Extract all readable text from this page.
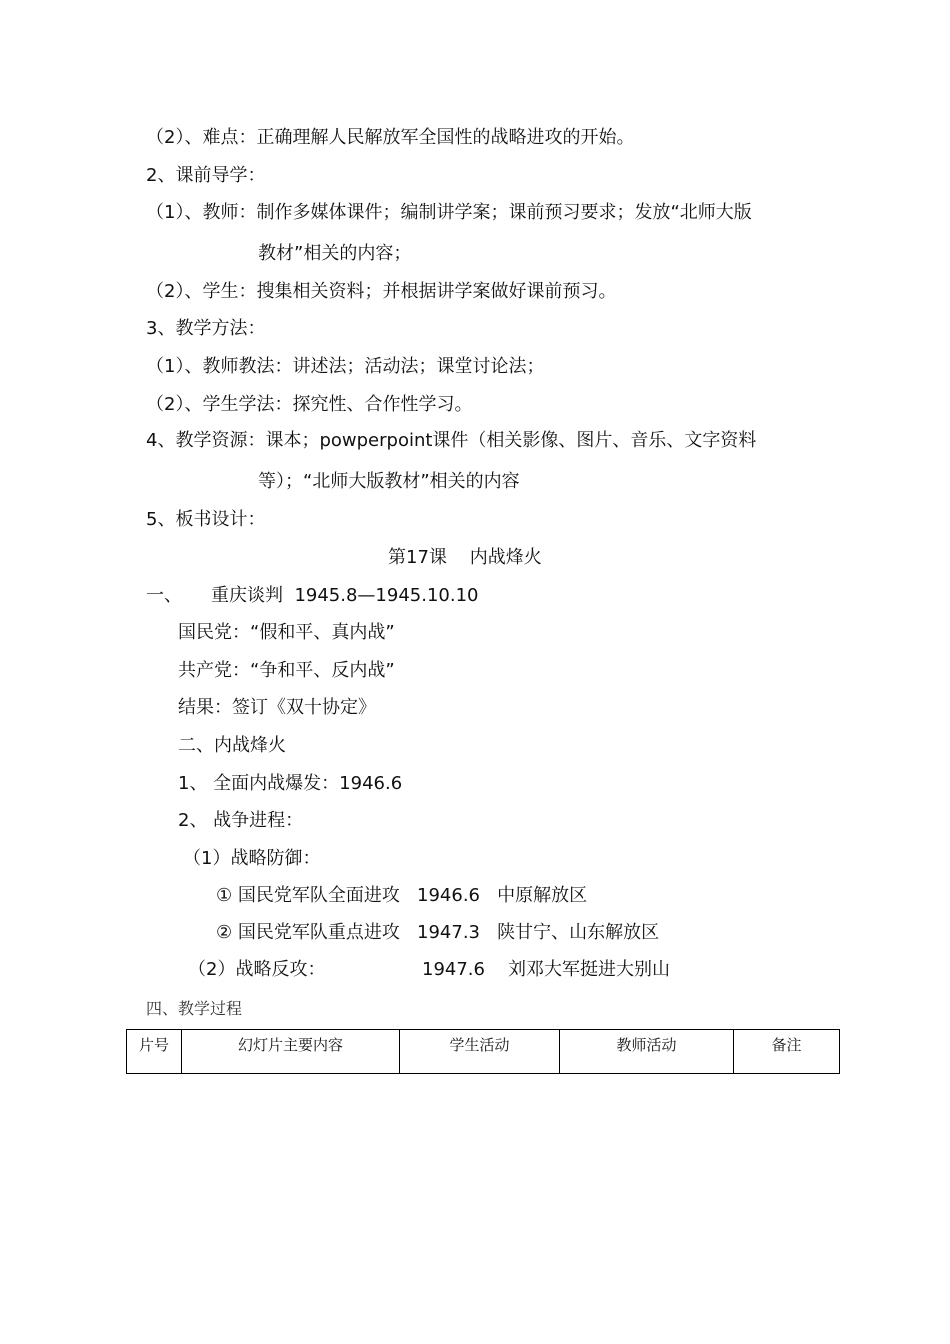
（2）、难点：正确理解人民解放军全国性的战略进攻的开始。
2、课前导学：
（1）、教师：制作多媒体课件；编制讲学案；课前预习要求；发放“北师大版
教材”相关的内容；
（2）、学生：搜集相关资料；并根据讲学案做好课前预习。
3、教学方法：
（1）、教师教法：讲述法；活动法；课堂讨论法；
（2）、学生学法：探究性、合作性学习。
4、教学资源：课本；powperpoint课件（相关影像、图片、音乐、文字资料
等）；“北师大版教材”相关的内容
5、板书设计：
第17课    内战烽火
一、 重庆谈判  1945.8—1945.10.10
国民党：“假和平、真内战”
共产党：“争和平、反内战”
结果：签订《双十协定》
二、内战烽火
1、 全面内战爆发：1946.6
2、 战争进程：
（1）战略防御：
① 国民党军队全面进攻   1946.6   中原解放区
② 国民党军队重点进攻   1947.3   陕甘宁、山东解放区
（2）战略反攻：	1947.6 刘邓大军挺进大别山
四、教学过程
片号	幻灯片主要内容	学生活动	教师活动	备注
